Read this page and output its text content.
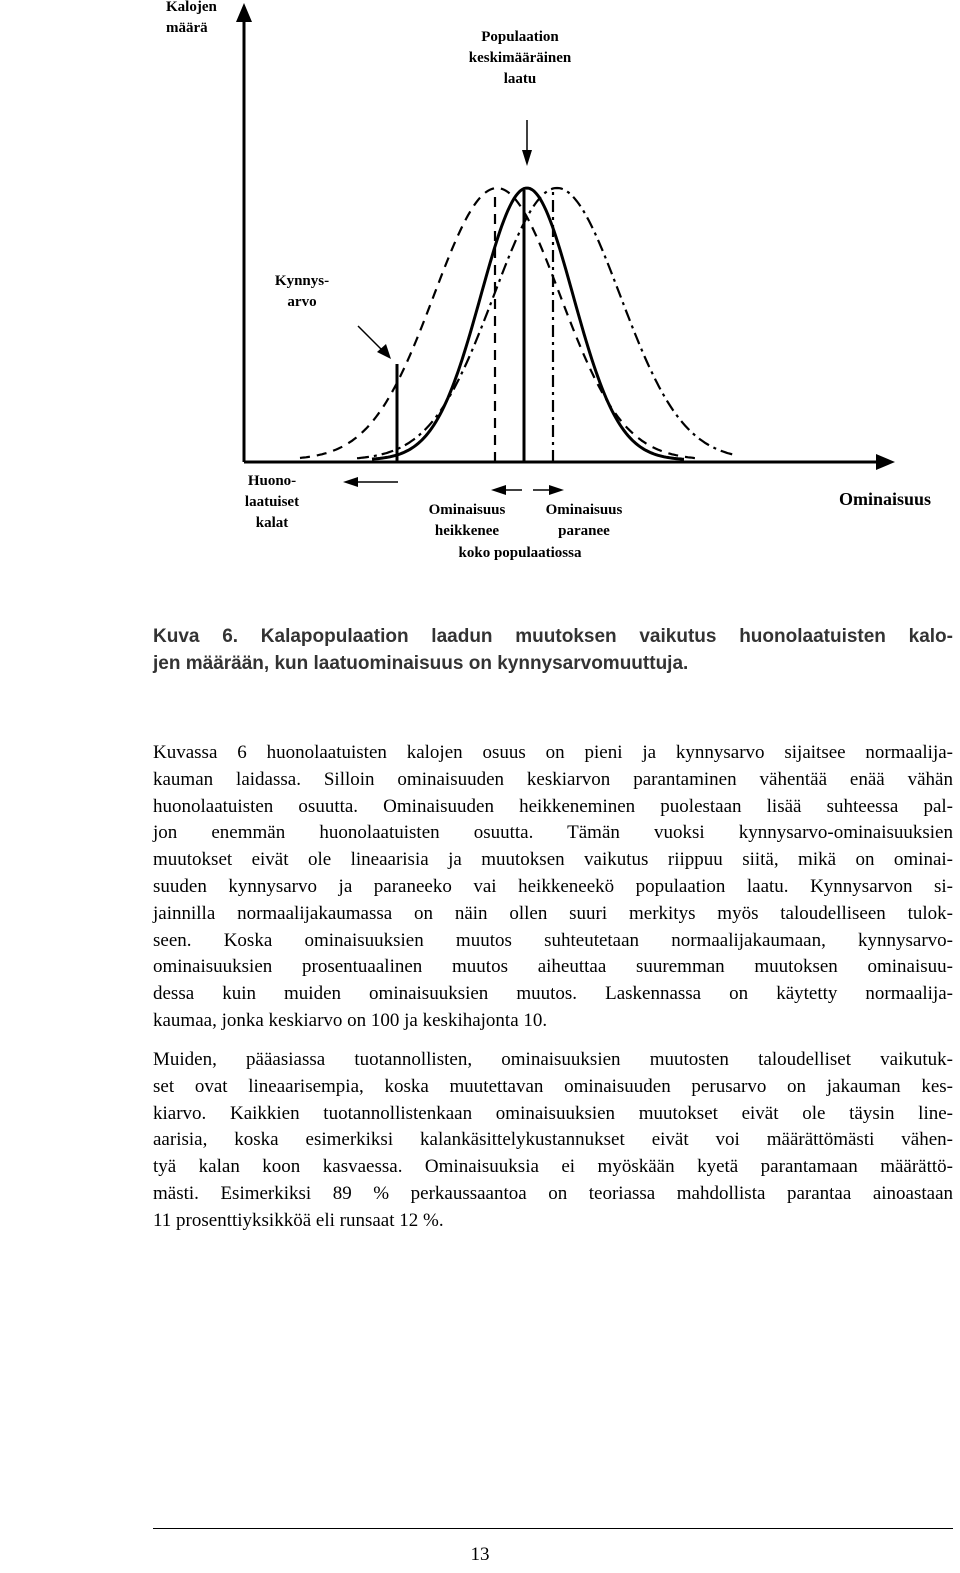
Kalojen
määrä
Populaation
keskimääräinen
laatu
Kynnys-
arvo
Huono-
laatuiset
kalat
Ominaisuus
heikkenee
Ominaisuus
paranee
koko populaatiossa
Ominaisuus
Kuva 6. Kalapopulaation laadun muutoksen vaikutus huonolaatuisten kalo-
jen määrään, kun laatuominaisuus on kynnysarvomuuttuja.
Kuvassa 6 huonolaatuisten kalojen osuus on pieni ja kynnysarvo sijaitsee normaalija-
kauman laidassa. Silloin ominaisuuden keskiarvon parantaminen vähentää enää vähän
huonolaatuisten osuutta. Ominaisuuden heikkeneminen puolestaan lisää suhteessa pal-
jon enemmän huonolaatuisten osuutta. Tämän vuoksi kynnysarvo-ominaisuuksien
muutokset eivät ole lineaarisia ja muutoksen vaikutus riippuu siitä, mikä on ominai-
suuden kynnysarvo ja paraneeko vai heikkeneekö populaation laatu. Kynnysarvon si-
jainnilla normaalijakaumassa on näin ollen suuri merkitys myös taloudelliseen tulok-
seen. Koska ominaisuuksien muutos suhteutetaan normaalijakaumaan, kynnysarvo-
ominaisuuksien prosentuaalinen muutos aiheuttaa suuremman muutoksen ominaisuu-
dessa kuin muiden ominaisuuksien muutos. Laskennassa on käytetty normaalija-
kaumaa, jonka keskiarvo on 100 ja keskihajonta 10.
Muiden, pääasiassa tuotannollisten, ominaisuuksien muutosten taloudelliset vaikutuk-
set ovat lineaarisempia, koska muutettavan ominaisuuden perusarvo on jakauman kes-
kiarvo. Kaikkien tuotannollistenkaan ominaisuuksien muutokset eivät ole täysin line-
aarisia, koska esimerkiksi kalankäsittelykustannukset eivät voi määrättömästi vähen-
tyä kalan koon kasvaessa. Ominaisuuksia ei myöskään kyetä parantamaan määrättö-
mästi. Esimerkiksi 89 % perkaussaantoa on teoriassa mahdollista parantaa ainoastaan
11 prosenttiyksikköä eli runsaat 12 %.
13
